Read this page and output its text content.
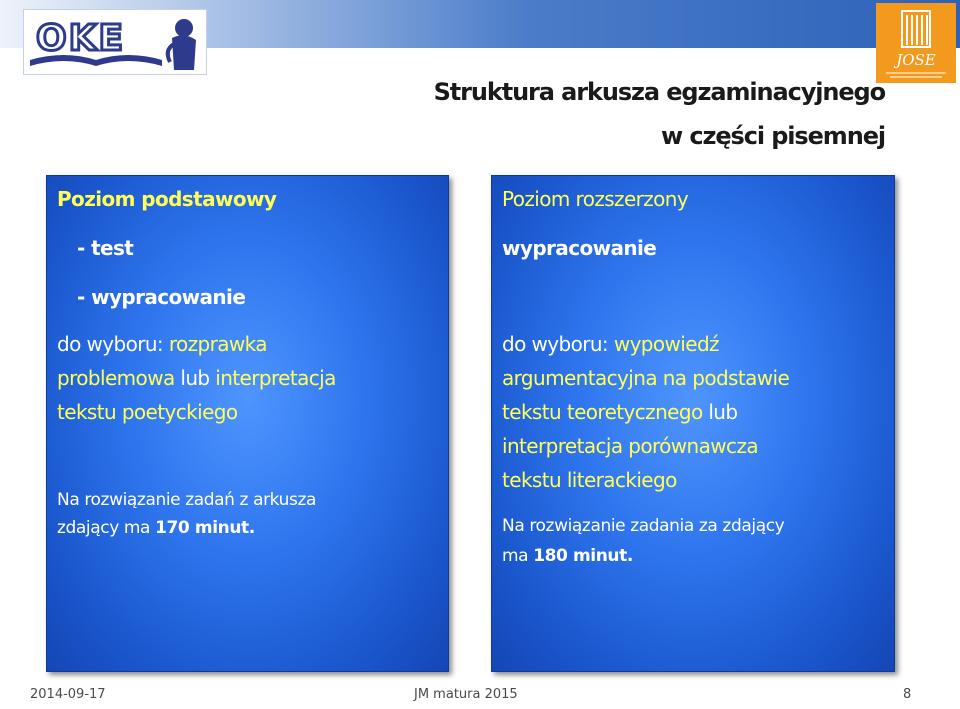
OKE
JOSE
Struktura arkusza egzaminacyjnego
w części pisemnej

Poziom podstawowy

- test

- wypracowanie

do wyboru: rozprawka

problemowa lub interpretacja

tekstu poetyckiego

Na rozwiązanie zadań z arkusza

zdający ma 170 minut.

Poziom rozszerzony

wypracowanie

do wyboru: wypowiedź

argumentacyjna na podstawie

tekstu teoretycznego lub

interpretacja porównawcza

tekstu literackiego

Na rozwiązanie zadania za zdający

ma 180 minut.

2014-09-17	JM matura 2015	8
